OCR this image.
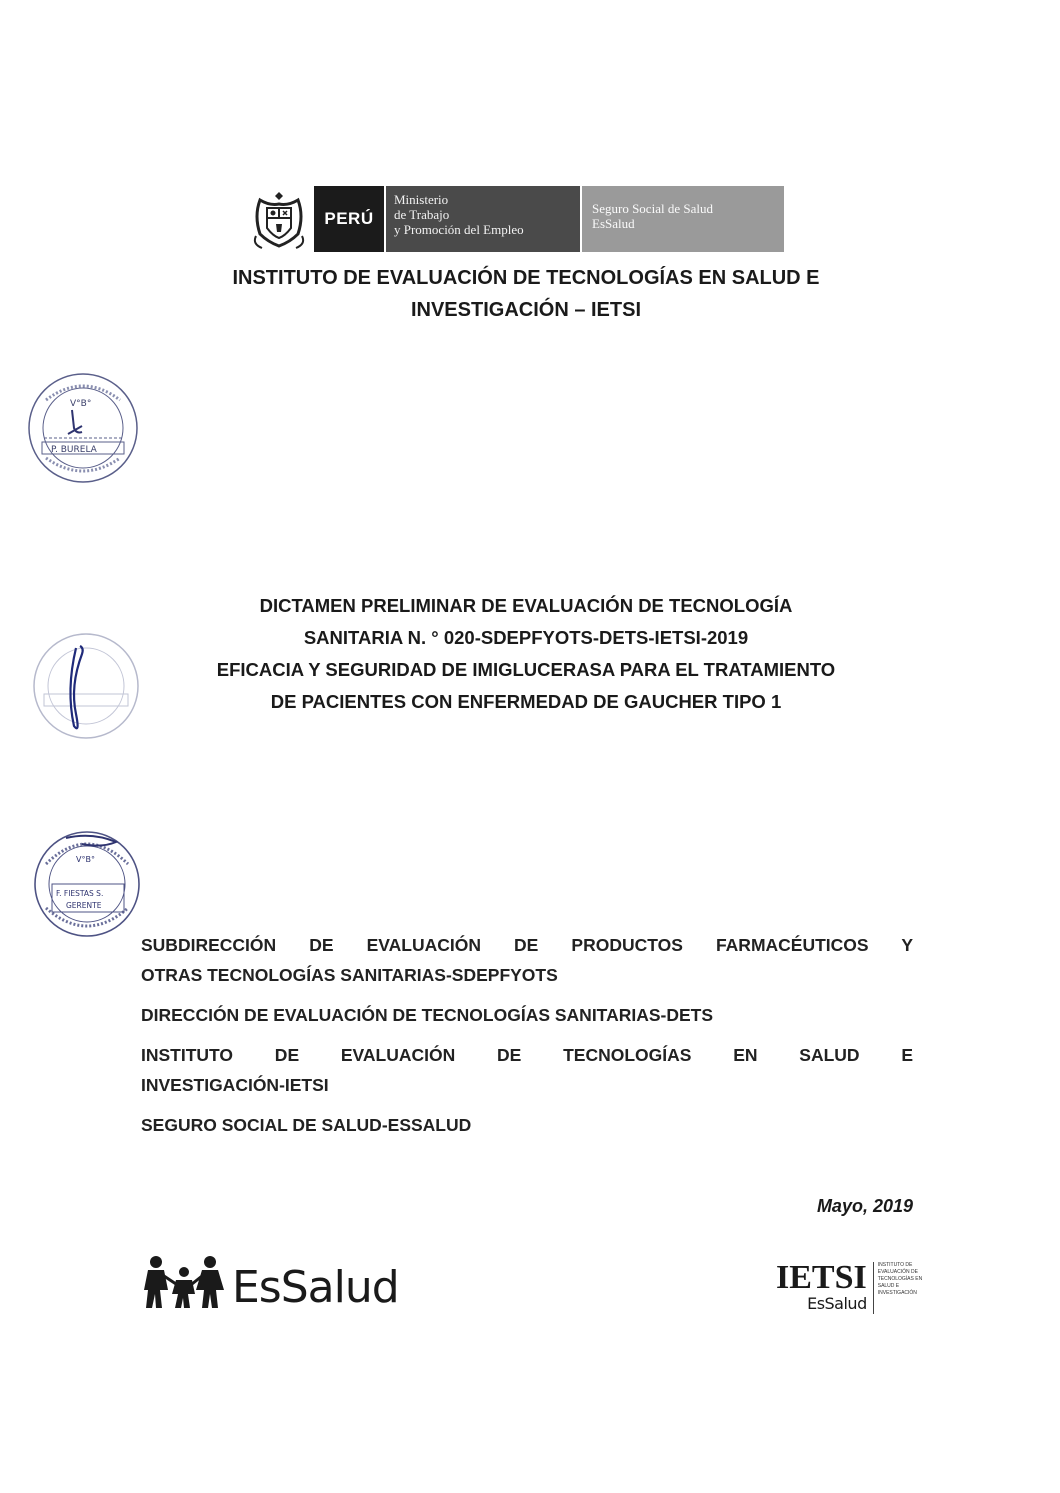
PERÚ
Ministerio
de Trabajo
y Promoción del Empleo
Seguro Social de Salud
EsSalud
INSTITUTO DE EVALUACIÓN DE TECNOLOGÍAS EN SALUD E
INVESTIGACIÓN – IETSI
V°B°
P. BURELA
DICTAMEN PRELIMINAR DE EVALUACIÓN DE TECNOLOGÍA
SANITARIA N. ° 020-SDEPFYOTS-DETS-IETSI-2019
EFICACIA Y SEGURIDAD DE IMIGLUCERASA PARA EL TRATAMIENTO
DE PACIENTES CON ENFERMEDAD DE GAUCHER TIPO 1
V°B°
F. FIESTAS S.
GERENTE
SUBDIRECCIÓN DE EVALUACIÓN DE PRODUCTOS FARMACÉUTICOS Y
OTRAS TECNOLOGÍAS SANITARIAS-SDEPFYOTS
DIRECCIÓN DE EVALUACIÓN DE TECNOLOGÍAS SANITARIAS-DETS
INSTITUTO DE EVALUACIÓN DE TECNOLOGÍAS EN SALUD E
INVESTIGACIÓN-IETSI
SEGURO SOCIAL DE SALUD-ESSALUD
Mayo, 2019
EsSalud	IETSI
EsSalud
INSTITUTO DE
EVALUACIÓN DE
TECNOLOGÍAS EN
SALUD E
INVESTIGACIÓN
